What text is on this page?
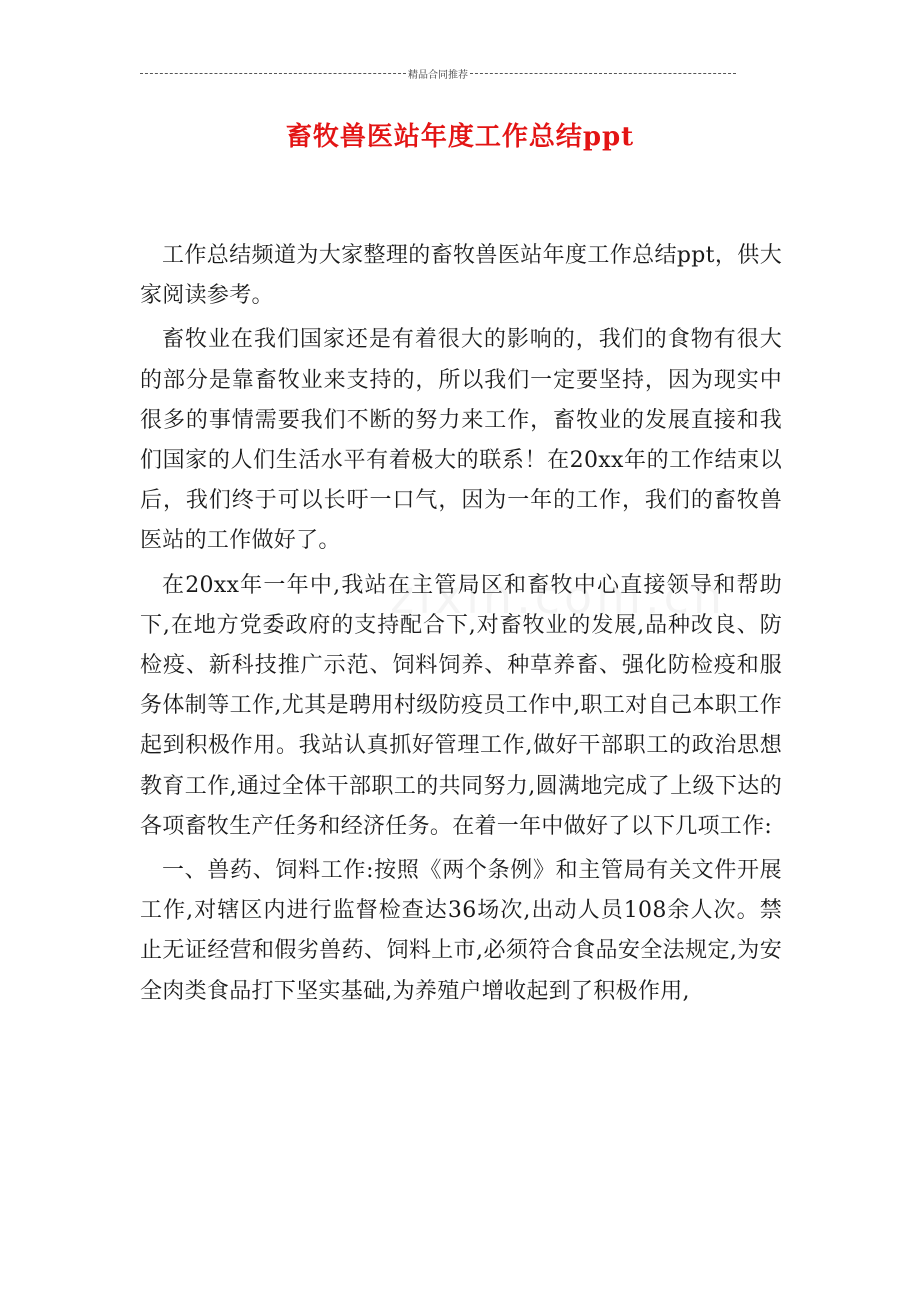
精品合同推荐
畜牧兽医站年度工作总结ppt

工作总结频道为大家整理的畜牧兽医站年度工作总结ppt，供大家阅读参考。

畜牧业在我们国家还是有着很大的影响的，我们的食物有很大的部分是靠畜牧业来支持的，所以我们一定要坚持，因为现实中很多的事情需要我们不断的努力来工作，畜牧业的发展直接和我们国家的人们生活水平有着极大的联系！在20xx年的工作结束以后，我们终于可以长吁一口气，因为一年的工作，我们的畜牧兽医站的工作做好了。

在20xx年一年中,我站在主管局区和畜牧中心直接领导和帮助下,在地方党委政府的支持配合下,对畜牧业的发展,品种改良、防检疫、新科技推广示范、饲料饲养、种草养畜、强化防检疫和服务体制等工作,尤其是聘用村级防疫员工作中,职工对自己本职工作起到积极作用。我站认真抓好管理工作,做好干部职工的政治思想教育工作,通过全体干部职工的共同努力,圆满地完成了上级下达的各项畜牧生产任务和经济任务。在着一年中做好了以下几项工作:

一、兽药、饲料工作:按照《两个条例》和主管局有关文件开展工作,对辖区内进行监督检查达36场次,出动人员108余人次。禁止无证经营和假劣兽药、饲料上市,必须符合食品安全法规定,为安全肉类食品打下坚实基础,为养殖户增收起到了积极作用,
